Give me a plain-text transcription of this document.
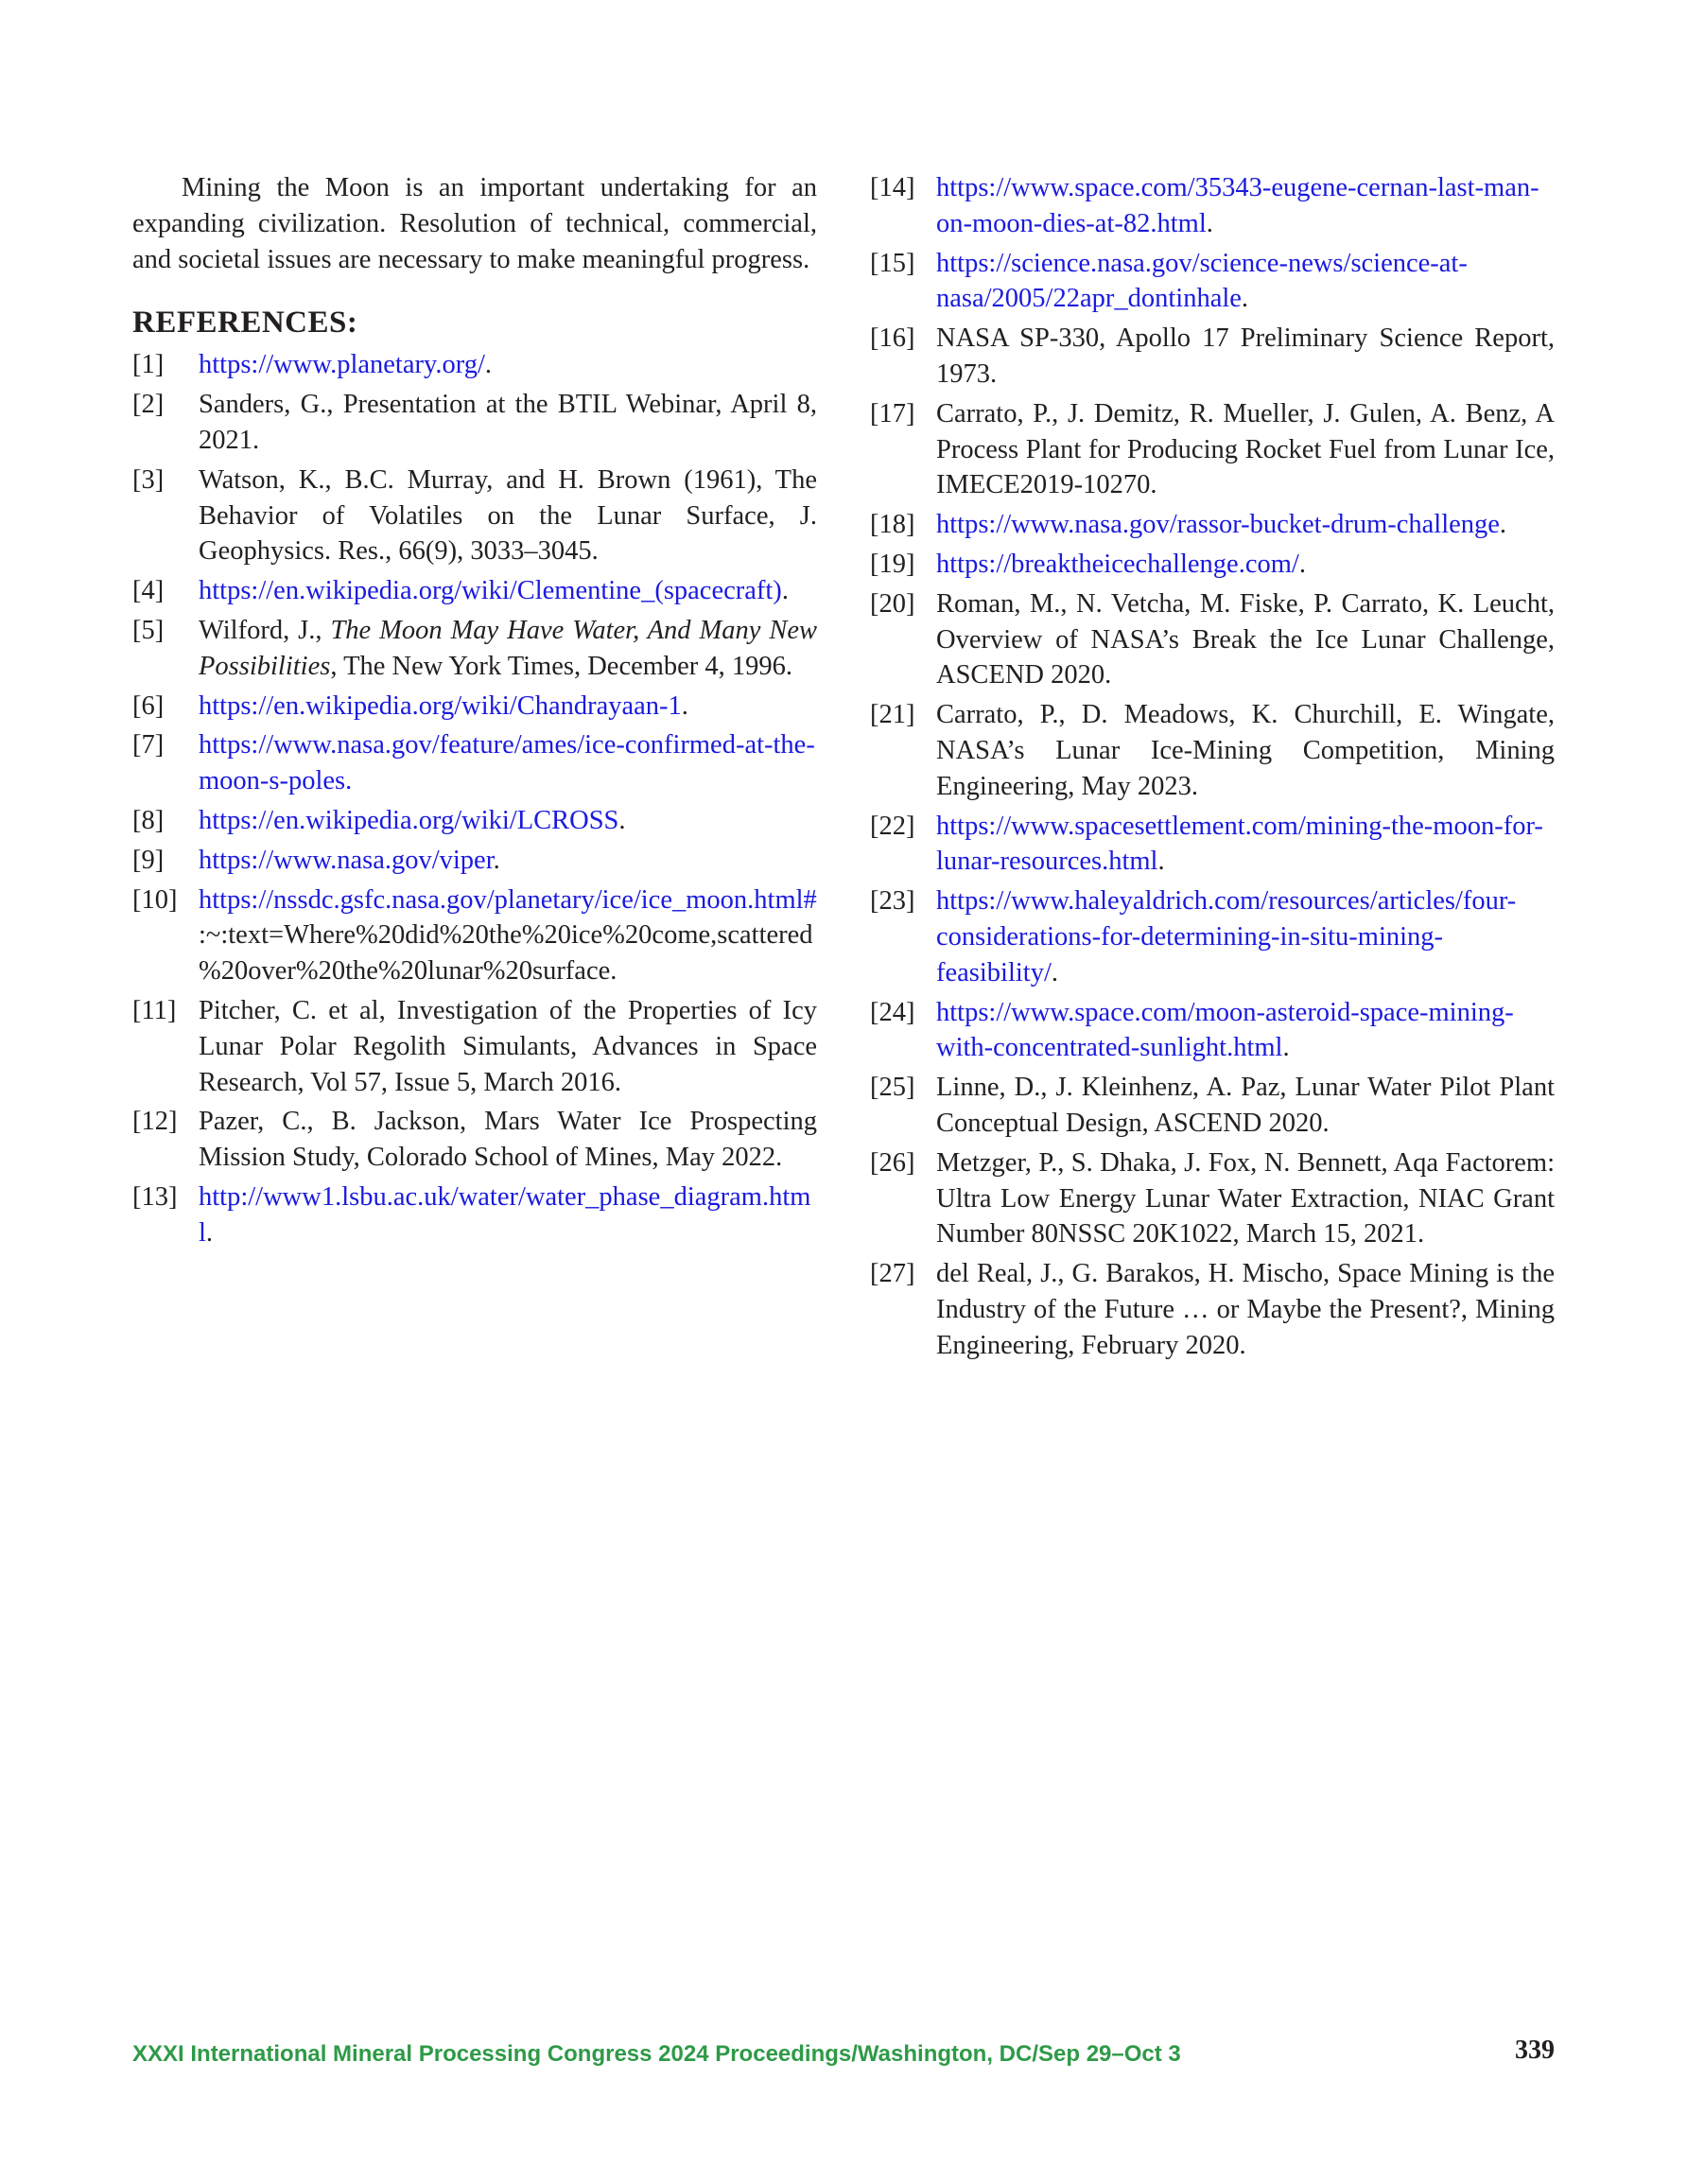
Mining the Moon is an important undertaking for an expanding civilization. Resolution of technical, commercial, and societal issues are necessary to make meaningful progress.

REFERENCES:
[1]	https://www.planetary.org/.
[2]	Sanders, G., Presentation at the BTIL Webinar, April 8, 2021.
[3]	Watson, K., B.C. Murray, and H. Brown (1961), The Behavior of Volatiles on the Lunar Surface, J. Geophysics. Res., 66(9), 3033–3045.
[4]	https://en.wikipedia.org/wiki/Clementine_(spacecraft).
[5]	Wilford, J., The Moon May Have Water, And Many New Possibilities, The New York Times, December 4, 1996.
[6]	https://en.wikipedia.org/wiki/Chandrayaan-1.
[7]	https://www.nasa.gov/feature/ames/ice-confirmed-at-the-moon-s-poles.
[8]	https://en.wikipedia.org/wiki/LCROSS.
[9]	https://www.nasa.gov/viper.
[10] https://nssdc.gsfc.nasa.gov/planetary/ice/ice_moon.html#:~:text=Where%20did%20the%20ice%20come,scattered%20over%20the%20lunar%20surface.
[11] Pitcher, C. et al, Investigation of the Properties of Icy Lunar Polar Regolith Simulants, Advances in Space Research, Vol 57, Issue 5, March 2016.
[12] Pazer, C., B. Jackson, Mars Water Ice Prospecting Mission Study, Colorado School of Mines, May 2022.
[13] http://www1.lsbu.ac.uk/water/water_phase_diagram.html.
[14] https://www.space.com/35343-eugene-cernan-last-man-on-moon-dies-at-82.html.
[15] https://science.nasa.gov/science-news/science-at-nasa/2005/22apr_dontinhale.
[16] NASA SP-330, Apollo 17 Preliminary Science Report, 1973.
[17] Carrato, P., J. Demitz, R. Mueller, J. Gulen, A. Benz, A Process Plant for Producing Rocket Fuel from Lunar Ice, IMECE2019-10270.
[18] https://www.nasa.gov/rassor-bucket-drum-challenge.
[19] https://breaktheicechallenge.com/.
[20] Roman, M., N. Vetcha, M. Fiske, P. Carrato, K. Leucht, Overview of NASA’s Break the Ice Lunar Challenge, ASCEND 2020.
[21] Carrato, P., D. Meadows, K. Churchill, E. Wingate, NASA’s Lunar Ice-Mining Competition, Mining Engineering, May 2023.
[22] https://www.spacesettlement.com/mining-the-moon-for-lunar-resources.html.
[23] https://www.haleyaldrich.com/resources/articles/four-considerations-for-determining-in-situ-mining-feasibility/.
[24] https://www.space.com/moon-asteroid-space-mining-with-concentrated-sunlight.html.
[25] Linne, D., J. Kleinhenz, A. Paz, Lunar Water Pilot Plant Conceptual Design, ASCEND 2020.
[26] Metzger, P., S. Dhaka, J. Fox, N. Bennett, Aqa Factorem: Ultra Low Energy Lunar Water Extraction, NIAC Grant Number 80NSSC 20K1022, March 15, 2021.
[27] del Real, J., G. Barakos, H. Mischo, Space Mining is the Industry of the Future … or Maybe the Present?, Mining Engineering, February 2020.
XXXI International Mineral Processing Congress 2024 Proceedings/Washington, DC/Sep 29–Oct 3	339
